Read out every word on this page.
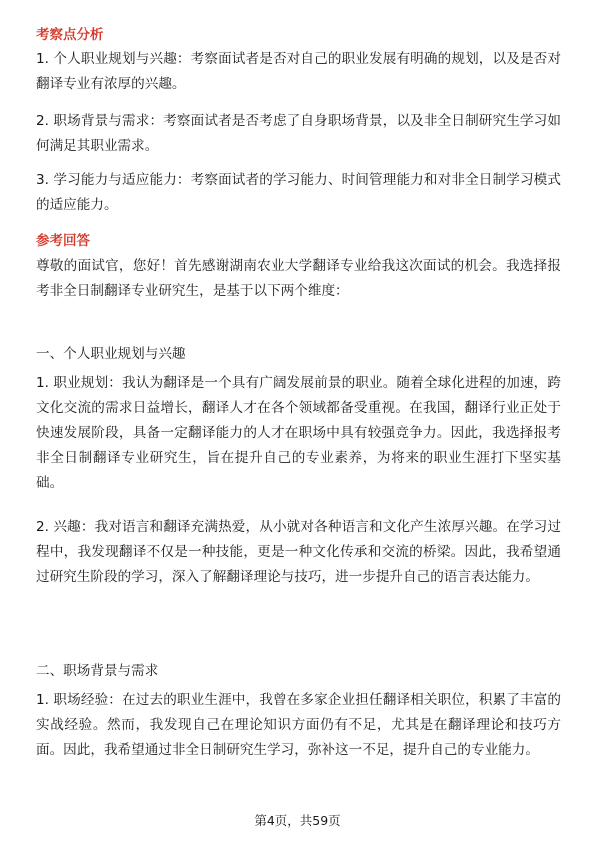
考察点分析

1. 个人职业规划与兴趣：考察面试者是否对自己的职业发展有明确的规划，以及是否对翻译专业有浓厚的兴趣。

2. 职场背景与需求：考察面试者是否考虑了自身职场背景，以及非全日制研究生学习如何满足其职业需求。

3. 学习能力与适应能力：考察面试者的学习能力、时间管理能力和对非全日制学习模式的适应能力。

参考回答

尊敬的面试官，您好！首先感谢湖南农业大学翻译专业给我这次面试的机会。我选择报考非全日制翻译专业研究生，是基于以下两个维度：

一、个人职业规划与兴趣

1. 职业规划：我认为翻译是一个具有广阔发展前景的职业。随着全球化进程的加速，跨文化交流的需求日益增长，翻译人才在各个领域都备受重视。在我国，翻译行业正处于快速发展阶段，具备一定翻译能力的人才在职场中具有较强竞争力。因此，我选择报考非全日制翻译专业研究生，旨在提升自己的专业素养，为将来的职业生涯打下坚实基础。

2. 兴趣：我对语言和翻译充满热爱，从小就对各种语言和文化产生浓厚兴趣。在学习过程中，我发现翻译不仅是一种技能，更是一种文化传承和交流的桥梁。因此，我希望通过研究生阶段的学习，深入了解翻译理论与技巧，进一步提升自己的语言表达能力。

二、职场背景与需求

1. 职场经验：在过去的职业生涯中，我曾在多家企业担任翻译相关职位，积累了丰富的实战经验。然而，我发现自己在理论知识方面仍有不足，尤其是在翻译理论和技巧方面。因此，我希望通过非全日制研究生学习，弥补这一不足，提升自己的专业能力。

第4页，共59页
